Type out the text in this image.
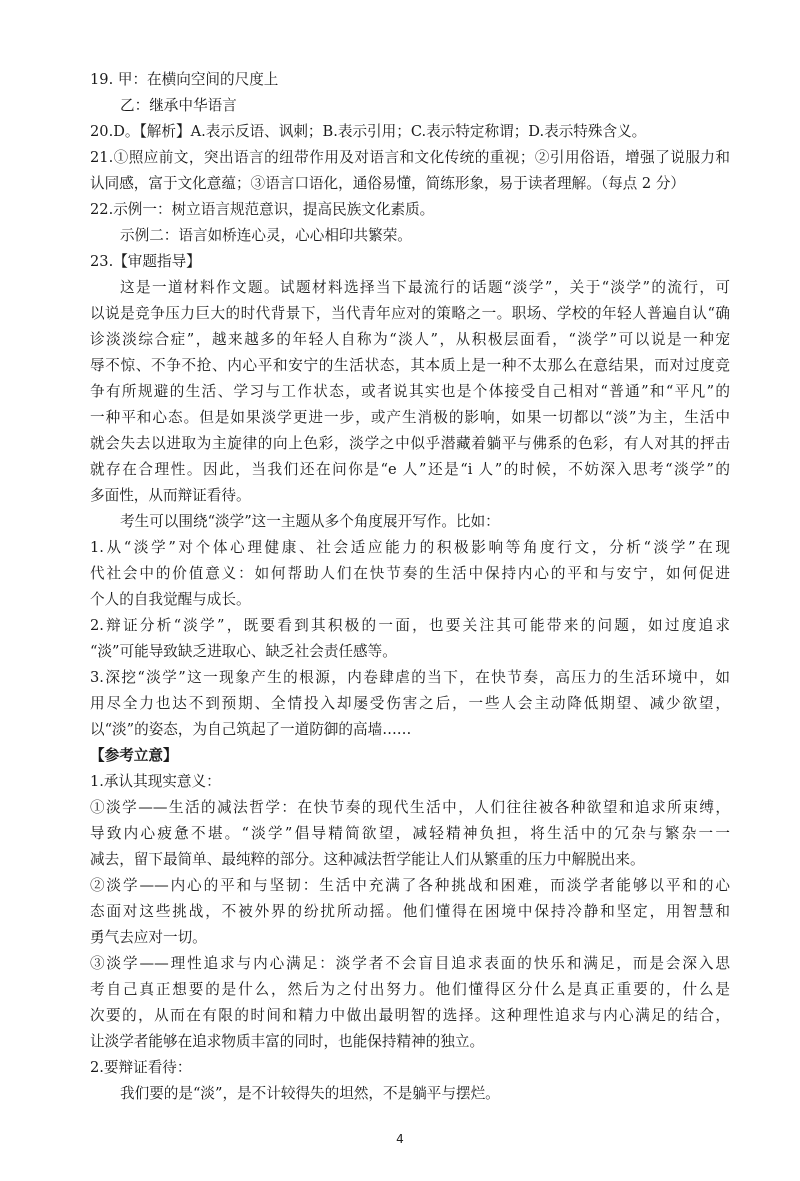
19. 甲：在横向空间的尺度上
乙：继承中华语言
20.D。【解析】A.表示反语、讽刺；B.表示引用；C.表示特定称谓；D.表示特殊含义。
21.①照应前文，突出语言的纽带作用及对语言和文化传统的重视；②引用俗语，增强了说服力和
认同感，富于文化意蕴；③语言口语化，通俗易懂，简练形象，易于读者理解。（每点 2 分）
22.示例一：树立语言规范意识，提高民族文化素质。
示例二：语言如桥连心灵，心心相印共繁荣。
23.【审题指导】
这是一道材料作文题。试题材料选择当下最流行的话题“淡学”，关于“淡学”的流行，可
以说是竞争压力巨大的时代背景下，当代青年应对的策略之一。职场、学校的年轻人普遍自认“确
诊淡淡综合症”，越来越多的年轻人自称为“淡人”，从积极层面看，“淡学”可以说是一种宠
辱不惊、不争不抢、内心平和安宁的生活状态，其本质上是一种不太那么在意结果，而对过度竞
争有所规避的生活、学习与工作状态，或者说其实也是个体接受自己相对“普通”和“平凡”的
一种平和心态。但是如果淡学更进一步，或产生消极的影响，如果一切都以“淡”为主，生活中
就会失去以进取为主旋律的向上色彩，淡学之中似乎潜藏着躺平与佛系的色彩，有人对其的抨击
就存在合理性。因此，当我们还在问你是“e 人”还是“i 人”的时候，不妨深入思考“淡学”的
多面性，从而辩证看待。
考生可以围绕“淡学”这一主题从多个角度展开写作。比如：
1.从“淡学”对个体心理健康、社会适应能力的积极影响等角度行文，分析“淡学”在现
代社会中的价值意义：如何帮助人们在快节奏的生活中保持内心的平和与安宁，如何促进
个人的自我觉醒与成长。
2.辩证分析“淡学”，既要看到其积极的一面，也要关注其可能带来的问题，如过度追求
“淡”可能导致缺乏进取心、缺乏社会责任感等。
3.深挖“淡学”这一现象产生的根源，内卷肆虐的当下，在快节奏，高压力的生活环境中，如
用尽全力也达不到预期、全情投入却屡受伤害之后，一些人会主动降低期望、减少欲望，
以“淡”的姿态，为自己筑起了一道防御的高墙……
【参考立意】
1.承认其现实意义：
①淡学——生活的减法哲学：在快节奏的现代生活中，人们往往被各种欲望和追求所束缚，
导致内心疲惫不堪。“淡学”倡导精简欲望，减轻精神负担，将生活中的冗杂与繁杂一一
减去，留下最简单、最纯粹的部分。这种减法哲学能让人们从繁重的压力中解脱出来。
②淡学——内心的平和与坚韧：生活中充满了各种挑战和困难，而淡学者能够以平和的心
态面对这些挑战，不被外界的纷扰所动摇。他们懂得在困境中保持冷静和坚定，用智慧和
勇气去应对一切。
③淡学——理性追求与内心满足：淡学者不会盲目追求表面的快乐和满足，而是会深入思
考自己真正想要的是什么，然后为之付出努力。他们懂得区分什么是真正重要的，什么是
次要的，从而在有限的时间和精力中做出最明智的选择。这种理性追求与内心满足的结合，
让淡学者能够在追求物质丰富的同时，也能保持精神的独立。
2.要辩证看待：
我们要的是“淡”，是不计较得失的坦然，不是躺平与摆烂。
4
